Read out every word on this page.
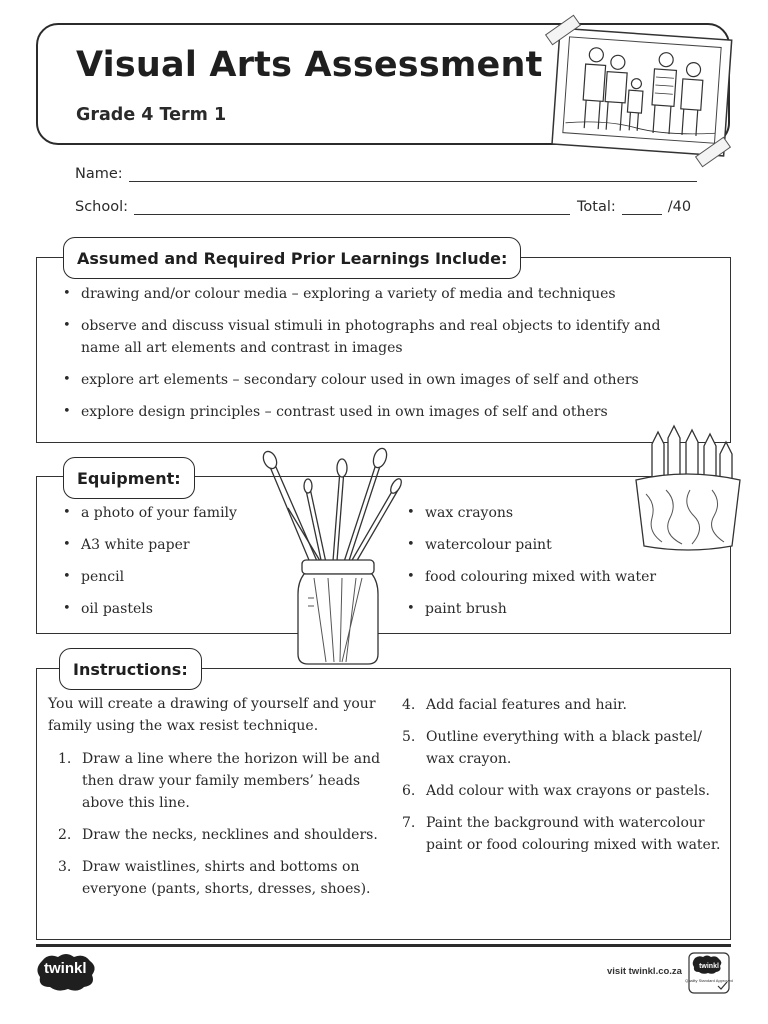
Visual Arts Assessment
Grade 4 Term 1
Name:
School:	Total:	/40
Assumed and Required Prior Learnings Include:
• drawing and/or colour media – exploring a variety of media and techniques
• observe and discuss visual stimuli in photographs and real objects to identify and name all art elements and contrast in images
• explore art elements – secondary colour used in own images of self and others
• explore design principles – contrast used in own images of self and others
Equipment:
• a photo of your family
• A3 white paper
• pencil
• oil pastels
• wax crayons
• watercolour paint
• food colouring mixed with water
• paint brush
Instructions:
You will create a drawing of yourself and your family using the wax resist technique.
1. Draw a line where the horizon will be and then draw your family members’ heads above this line.
2. Draw the necks, necklines and shoulders.
3. Draw waistlines, shirts and bottoms on everyone (pants, shorts, dresses, shoes).
4. Add facial features and hair.
5. Outline everything with a black pastel/ wax crayon.
6. Add colour with wax crayons or pastels.
7. Paint the background with watercolour paint or food colouring mixed with water.
twinkl	visit twinkl.co.za twinkl
Quality Standard Approved
